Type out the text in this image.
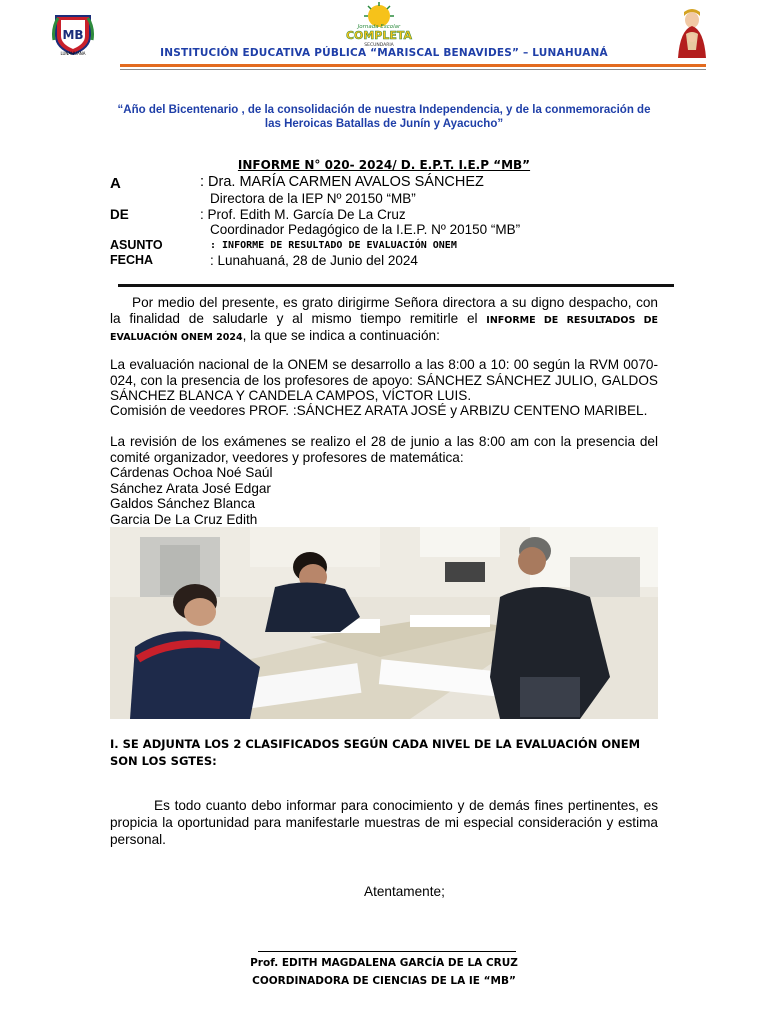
MB
LUNAHUANA
Jornada Escolar
COMPLETA
SECUNDARIA
INSTITUCIÓN EDUCATIVA PÚBLICA “MARISCAL BENAVIDES” – LUNAHUANÁ
“Año del Bicentenario , de la consolidación de nuestra Independencia, y de la conmemoración de las Heroicas Batallas de Junín y Ayacucho”
INFORME N° 020- 2024/ D. E.P.T. I.E.P “MB”
A	: Dra. MARÍA CARMEN AVALOS SÁNCHEZ
Directora de la IEP Nº 20150 “MB”
DE	: Prof. Edith M. García De La Cruz
Coordinador Pedagógico de la I.E.P. Nº 20150 “MB”
ASUNTO	: INFORME DE RESULTADO DE EVALUACIÓN ONEM
FECHA	: Lunahuaná, 28 de Junio del 2024
Por medio del presente, es grato dirigirme Señora directora a su digno despacho, con la finalidad de saludarle y al mismo tiempo remitirle el INFORME DE RESULTADOS DE EVALUACIÓN ONEM 2024, la que se indica a continuación:
La evaluación nacional de la ONEM se desarrollo a las 8:00 a 10: 00 según la RVM 0070-024, con la presencia de los profesores de apoyo: SÁNCHEZ SÁNCHEZ JULIO, GALDOS SÁNCHEZ BLANCA Y CANDELA CAMPOS, VÍCTOR LUIS.
Comisión de veedores PROF. :SÁNCHEZ ARATA JOSÉ y ARBIZU CENTENO MARIBEL.
La revisión de los exámenes se realizo el 28 de junio a las 8:00 am con la presencia del comité organizador, veedores y profesores de matemática:
Cárdenas Ochoa Noé Saúl
Sánchez Arata José Edgar
Galdos Sánchez Blanca
Garcia De La Cruz Edith
I. SE ADJUNTA LOS 2 CLASIFICADOS SEGÚN CADA NIVEL DE LA EVALUACIÓN ONEM SON LOS SGTES:
Es todo cuanto debo informar para conocimiento y de demás fines pertinentes, es propicia la oportunidad para manifestarle muestras de mi especial consideración y estima personal.
Atentamente;
Prof. EDITH MAGDALENA GARCÍA DE LA CRUZ
COORDINADORA DE CIENCIAS DE LA IE “MB”
